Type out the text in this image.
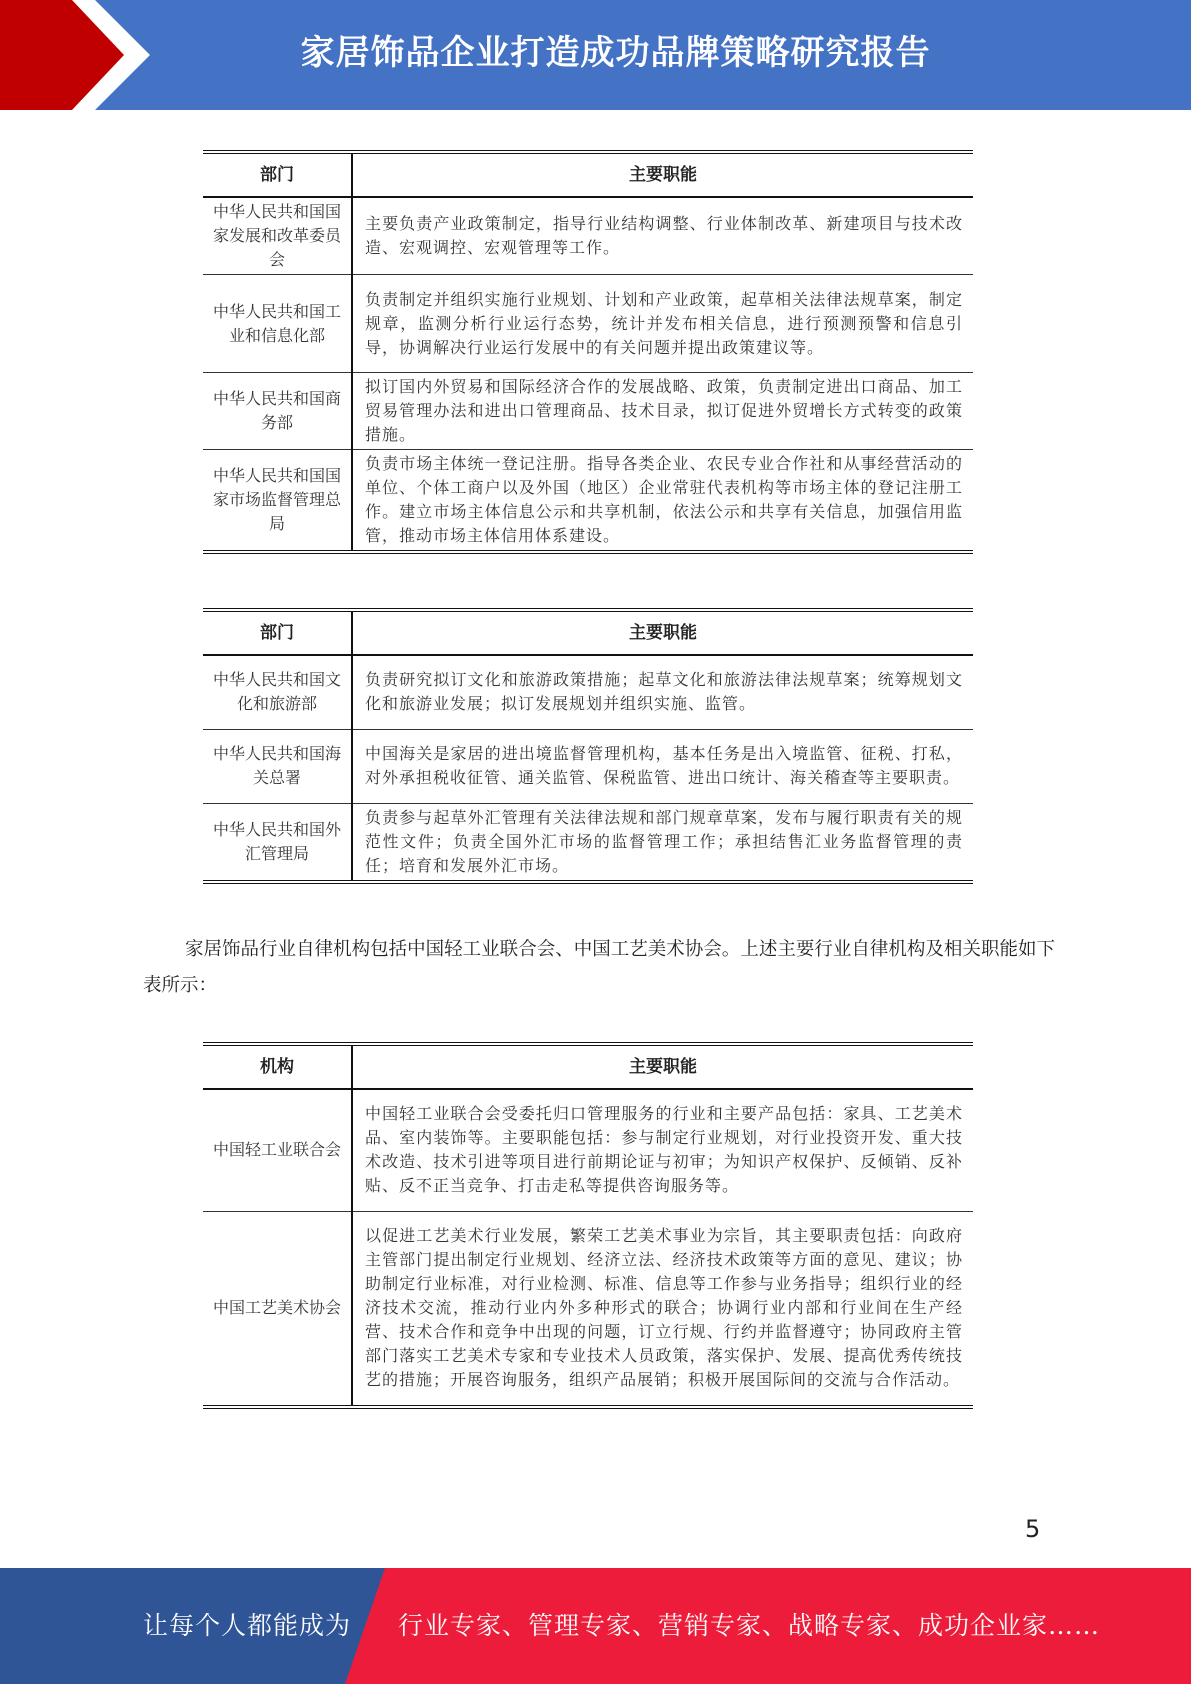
家居饰品企业打造成功品牌策略研究报告
部门	主要职能
中华人民共和国国家发展和改革委员会	主要负责产业政策制定，指导行业结构调整、行业体制改革、新建项目与技术改造、宏观调控、宏观管理等工作。
中华人民共和国工业和信息化部	负责制定并组织实施行业规划、计划和产业政策，起草相关法律法规草案，制定规章，监测分析行业运行态势，统计并发布相关信息，进行预测预警和信息引导，协调解决行业运行发展中的有关问题并提出政策建议等。
中华人民共和国商务部	拟订国内外贸易和国际经济合作的发展战略、政策，负责制定进出口商品、加工贸易管理办法和进出口管理商品、技术目录，拟订促进外贸增长方式转变的政策措施。
中华人民共和国国家市场监督管理总局	负责市场主体统一登记注册。指导各类企业、农民专业合作社和从事经营活动的单位、个体工商户以及外国（地区）企业常驻代表机构等市场主体的登记注册工作。建立市场主体信息公示和共享机制，依法公示和共享有关信息，加强信用监管，推动市场主体信用体系建设。
部门	主要职能
中华人民共和国文化和旅游部	负责研究拟订文化和旅游政策措施；起草文化和旅游法律法规草案；统筹规划文化和旅游业发展；拟订发展规划并组织实施、监管。
中华人民共和国海关总署	中国海关是家居的进出境监督管理机构，基本任务是出入境监管、征税、打私，对外承担税收征管、通关监管、保税监管、进出口统计、海关稽查等主要职责。
中华人民共和国外汇管理局	负责参与起草外汇管理有关法律法规和部门规章草案，发布与履行职责有关的规范性文件；负责全国外汇市场的监督管理工作；承担结售汇业务监督管理的责任；培育和发展外汇市场。
家居饰品行业自律机构包括中国轻工业联合会、中国工艺美术协会。上述主要行业自律机构及相关职能如下表所示：
机构	主要职能
中国轻工业联合会	中国轻工业联合会受委托归口管理服务的行业和主要产品包括：家具、工艺美术品、室内装饰等。主要职能包括：参与制定行业规划，对行业投资开发、重大技术改造、技术引进等项目进行前期论证与初审；为知识产权保护、反倾销、反补贴、反不正当竞争、打击走私等提供咨询服务等。
中国工艺美术协会	以促进工艺美术行业发展，繁荣工艺美术事业为宗旨，其主要职责包括：向政府主管部门提出制定行业规划、经济立法、经济技术政策等方面的意见、建议；协助制定行业标准，对行业检测、标准、信息等工作参与业务指导；组织行业的经济技术交流，推动行业内外多种形式的联合；协调行业内部和行业间在生产经营、技术合作和竞争中出现的问题，订立行规、行约并监督遵守；协同政府主管部门落实工艺美术专家和专业技术人员政策，落实保护、发展、提高优秀传统技艺的措施；开展咨询服务，组织产品展销；积极开展国际间的交流与合作活动。
5
让每个人都能成为 行业专家、管理专家、营销专家、战略专家、成功企业家……
